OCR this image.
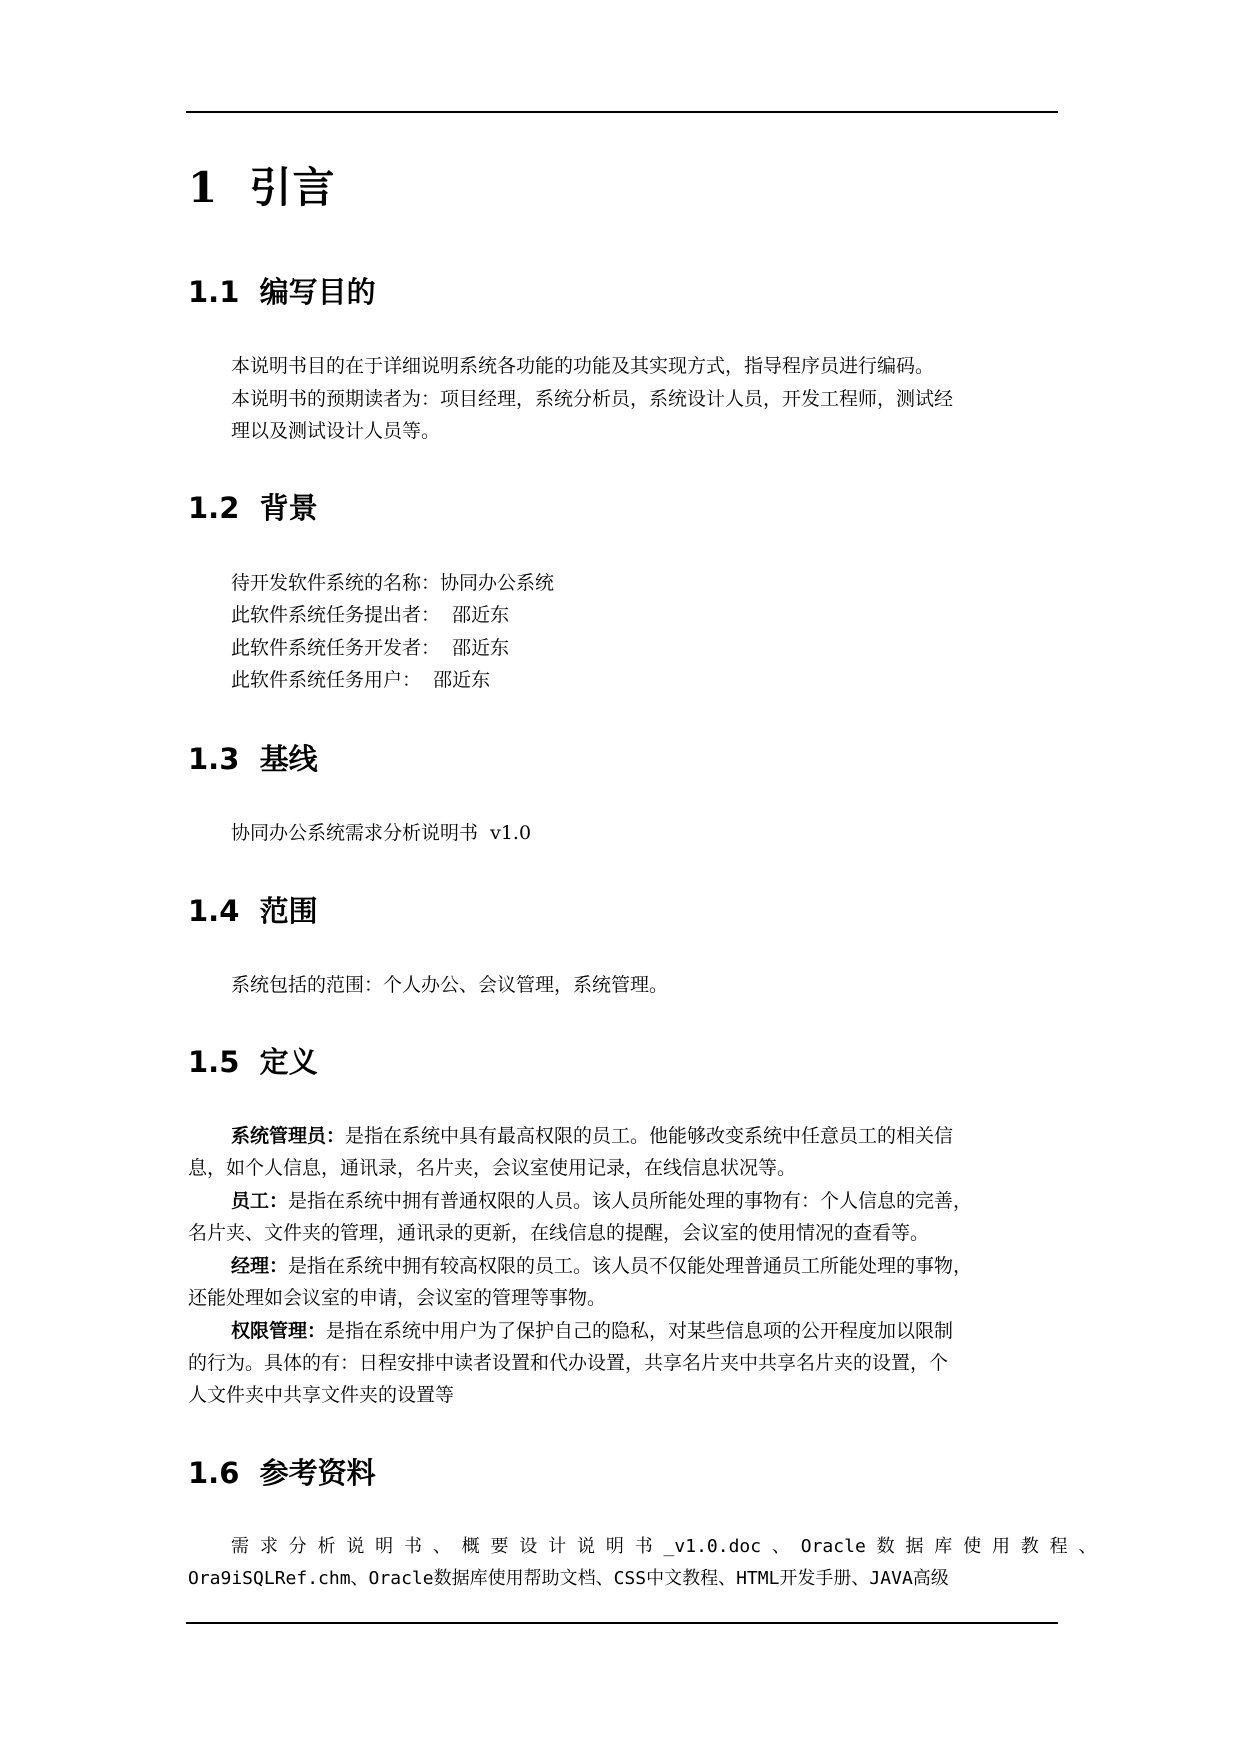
1 引言
1.1 编写目的

本说明书目的在于详细说明系统各功能的功能及其实现方式，指导程序员进行编码。

本说明书的预期读者为：项目经理，系统分析员，系统设计人员，开发工程师，测试经

理以及测试设计人员等。

1.2 背景

待开发软件系统的名称：协同办公系统

此软件系统任务提出者：  邵近东

此软件系统任务开发者：  邵近东

此软件系统任务用户：  邵近东

1.3 基线

协同办公系统需求分析说明书  v1.0

1.4 范围

系统包括的范围：个人办公、会议管理，系统管理。

1.5 定义

系统管理员：是指在系统中具有最高权限的员工。他能够改变系统中任意员工的相关信

息，如个人信息，通讯录，名片夹，会议室使用记录，在线信息状况等。

员工：是指在系统中拥有普通权限的人员。该人员所能处理的事物有：个人信息的完善，

名片夹、文件夹的管理，通讯录的更新，在线信息的提醒，会议室的使用情况的查看等。

经理：是指在系统中拥有较高权限的员工。该人员不仅能处理普通员工所能处理的事物，

还能处理如会议室的申请，会议室的管理等事物。

权限管理：是指在系统中用户为了保护自己的隐私，对某些信息项的公开程度加以限制

的行为。具体的有：日程安排中读者设置和代办设置，共享名片夹中共享名片夹的设置，个

人文件夹中共享文件夹的设置等

1.6 参考资料

需 求 分 析 说 明 书 、 概 要 设 计 说 明 书 _v1.0.doc 、 Oracle 数 据 库 使 用 教 程 、

Ora9iSQLRef.chm、Oracle数据库使用帮助文档、CSS中文教程、HTML开发手册、JAVA高级
